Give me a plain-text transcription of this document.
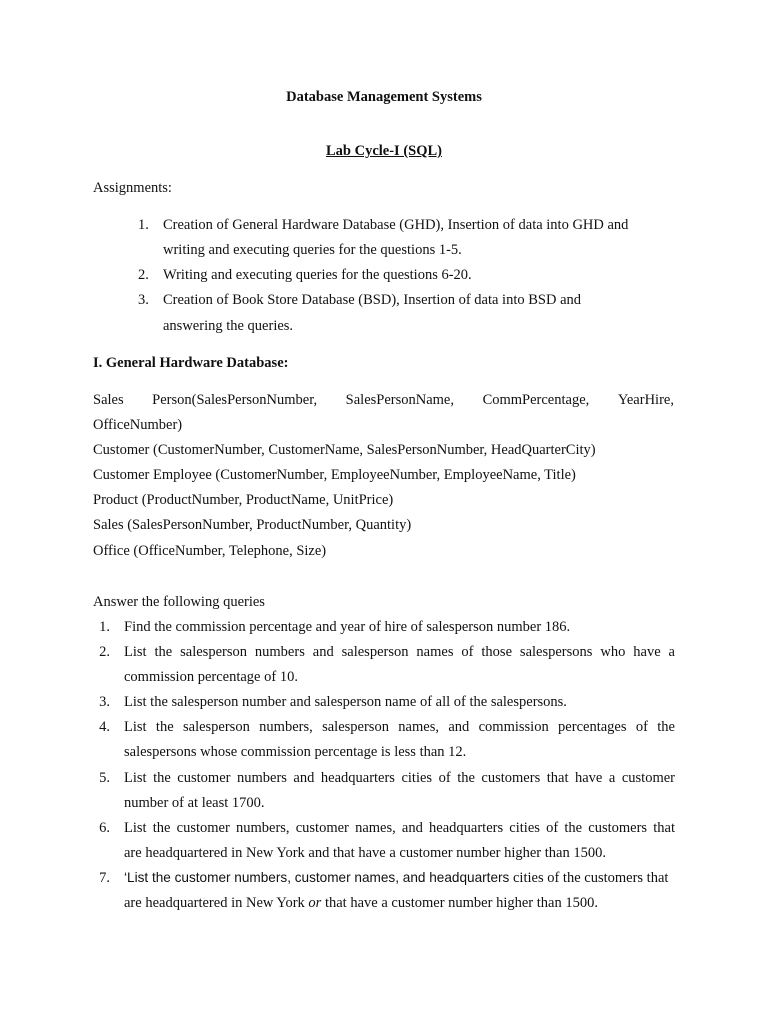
Database Management Systems
Lab Cycle-I (SQL)
Assignments:
1. Creation of General Hardware Database (GHD), Insertion of data into GHD and
writing and executing queries for the questions 1-5.
2. Writing and executing queries for the questions 6-20.
3. Creation of Book Store Database (BSD), Insertion of data into BSD and
answering the queries.
I. General Hardware Database:
Sales Person(SalesPersonNumber, SalesPersonName, CommPercentage, YearHire,
OfficeNumber)
Customer (CustomerNumber, CustomerName, SalesPersonNumber, HeadQuarterCity)
Customer Employee (CustomerNumber, EmployeeNumber, EmployeeName, Title)
Product (ProductNumber, ProductName, UnitPrice)
Sales (SalesPersonNumber, ProductNumber, Quantity)
Office (OfficeNumber, Telephone, Size)
Answer the following queries
1. Find the commission percentage and year of hire of salesperson number 186.
2. List the salesperson numbers and salesperson names of those salespersons who have a
commission percentage of 10.
3. List the salesperson number and salesperson name of all of the salespersons.
4. List the salesperson numbers, salesperson names, and commission percentages of the
salespersons whose commission percentage is less than 12.
5. List the customer numbers and headquarters cities of the customers that have a customer
number of at least 1700.
6. List the customer numbers, customer names, and headquarters cities of the customers that
are headquartered in New York and that have a customer number higher than 1500.
7. ‘List the customer numbers, customer names, and headquarters cities of the customers that
are headquartered in New York or that have a customer number higher than 1500.
